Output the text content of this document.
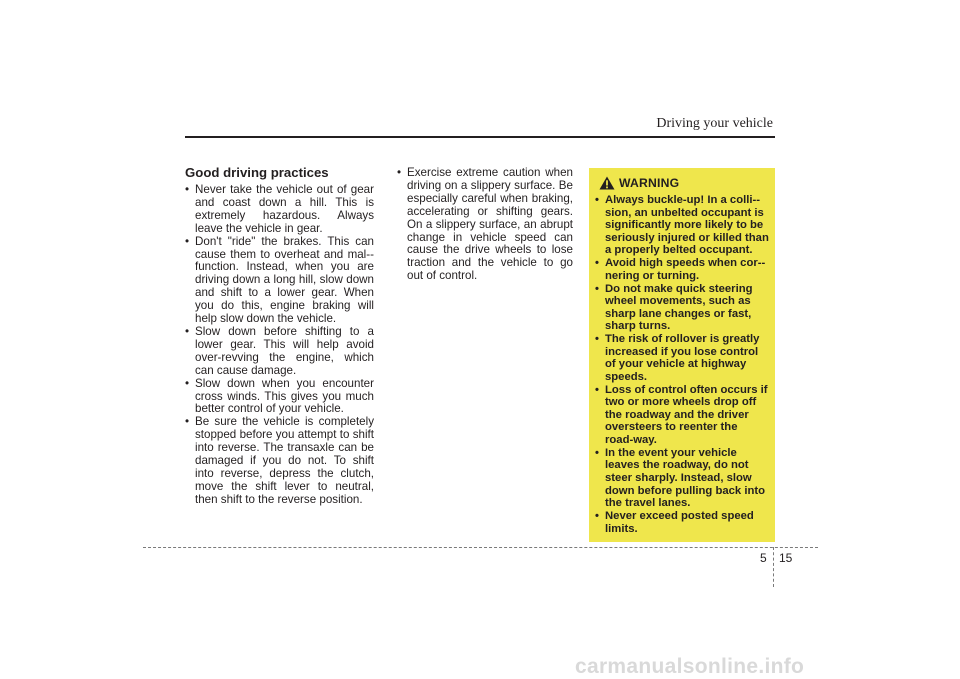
Driving your vehicle
Good driving practices
• Never take the vehicle out of gear and coast down a hill. This is extremely hazardous. Always leave the vehicle in gear.
• Don't "ride" the brakes. This can cause them to overheat and mal-function. Instead, when you are driving down a long hill, slow down and shift to a lower gear. When you do this, engine braking will help slow down the vehicle.
• Slow down before shifting to a lower gear. This will help avoid over-revving the engine, which can cause damage.
• Slow down when you encounter cross winds. This gives you much better control of your vehicle.
• Be sure the vehicle is completely stopped before you attempt to shift into reverse. The transaxle can be damaged if you do not. To shift into reverse, depress the clutch, move the shift lever to neutral, then shift to the reverse position.
• Exercise extreme caution when driving on a slippery surface. Be especially careful when braking, accelerating or shifting gears. On a slippery surface, an abrupt change in vehicle speed can cause the drive wheels to lose traction and the vehicle to go out of control.
WARNING
• Always buckle-up! In a colli-sion, an unbelted occupant is significantly more likely to be seriously injured or killed than a properly belted occupant.
• Avoid high speeds when cor-nering or turning.
• Do not make quick steering wheel movements, such as sharp lane changes or fast, sharp turns.
• The risk of rollover is greatly increased if you lose control of your vehicle at highway speeds.
• Loss of control often occurs if two or more wheels drop off the roadway and the driver oversteers to reenter the road-way.
• In the event your vehicle leaves the roadway, do not steer sharply. Instead, slow down before pulling back into the travel lanes.
• Never exceed posted speed limits.
5 15
carmanualsonline.info
